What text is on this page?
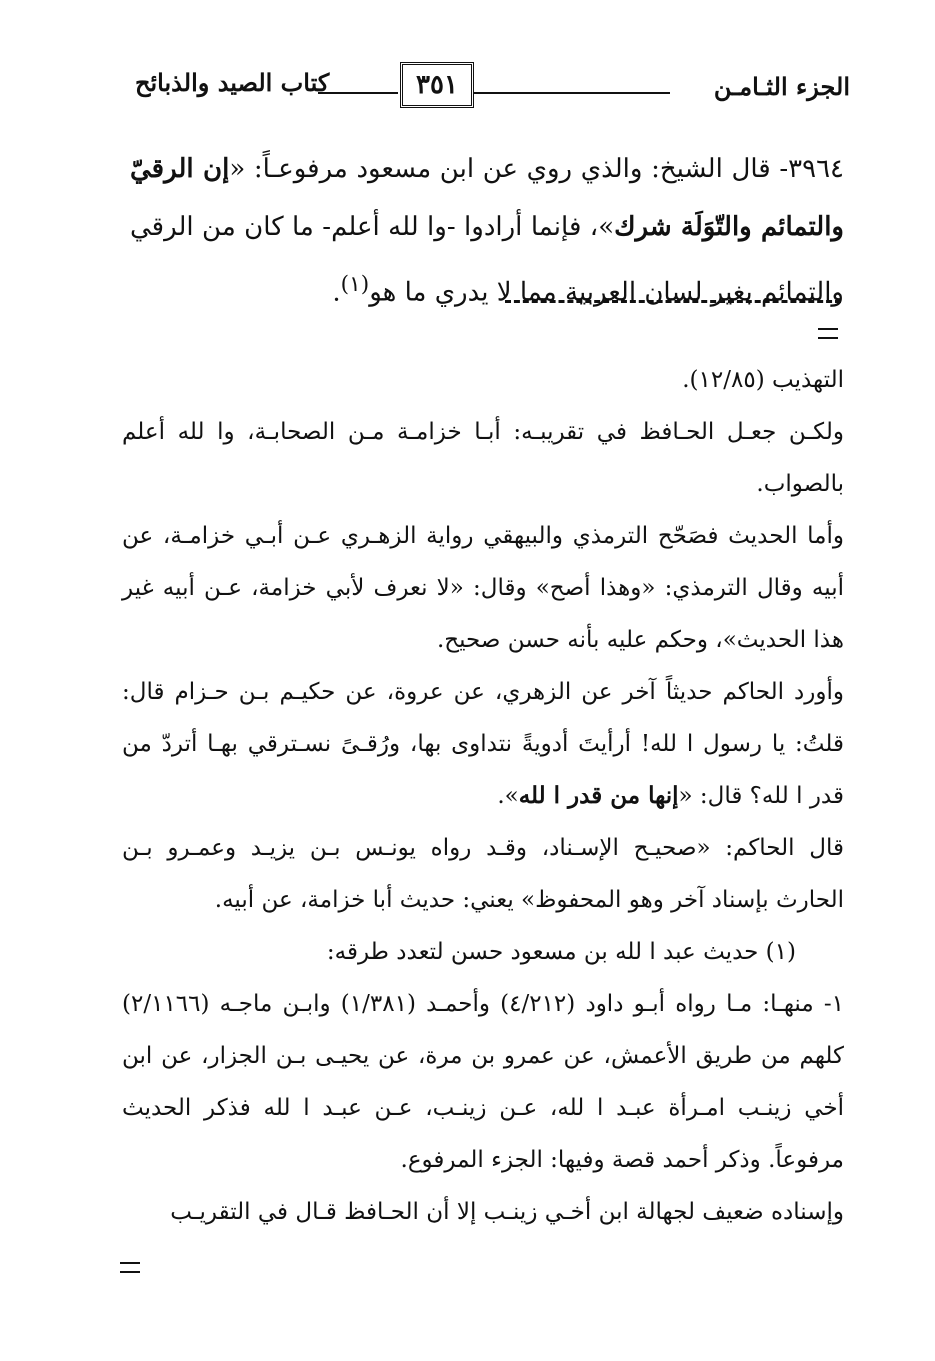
الجزء الثـامـن
٣٥١
كتاب الصيد والذبائح

٣٩٦٤- قال الشيخ: والذي روي عن ابن مسعود مرفوعـاً: «إن الرقيّ والتمائم والتّوَلَة شرك»، فإنما أرادوا -وا لله أعلم- ما كان من الرقي والتمائم بغير لسان العربية مما لا يدري ما هو$^{(١)}$.

التهذيب (١٢/٨٥).

ولكـن جعـل الحـافظ في تقريبـه: أبـا خزامـة مـن الصحابـة، وا لله أعلم بالصواب.

وأما الحديث فصَحّح الترمذي والبيهقي رواية الزهـري عـن أبـي خزامـة، عن أبيه وقال الترمذي: «وهذا أصح» وقال: «لا نعرف لأبي خزامة، عـن أبيه غير هذا الحديث»، وحكم عليه بأنه حسن صحيح.

وأورد الحاكم حديثاً آخر عن الزهري، عن عروة، عن حكيـم بـن حـزام قال: قلتُ: يا رسول ا لله! أرأيتَ أدويةً نتداوى بها، ورُقـىً نسـترقي بهـا أتردّ من قدر ا لله؟ قال: «إنها من قدر ا لله».

قال الحاكم: «صحيـح الإسـناد، وقـد رواه يونـس بـن يزيـد وعمـرو بـن الحارث بإسناد آخر وهو المحفوظ» يعني: حديث أبا خزامة، عن أبيه.

(١) حديث عبد ا لله بن مسعود حسن لتعدد طرقه:

١- منهـا: مـا رواه أبـو داود (٤/٢١٢) وأحمـد (١/٣٨١) وابـن ماجـه (٢/١١٦٦) كلهم من طريق الأعمش، عن عمرو بن مرة، عن يحيـى بـن الجزار، عن ابن أخي زينـب امـرأة عبـد ا لله، عـن زينـب، عـن عبـد ا لله فذكر الحديث مرفوعاً. وذكر أحمد قصة وفيها: الجزء المرفوع.

وإسناده ضعيف لجهالة ابن أخـي زينـب إلا أن الحـافظ قـال في التقريـب
